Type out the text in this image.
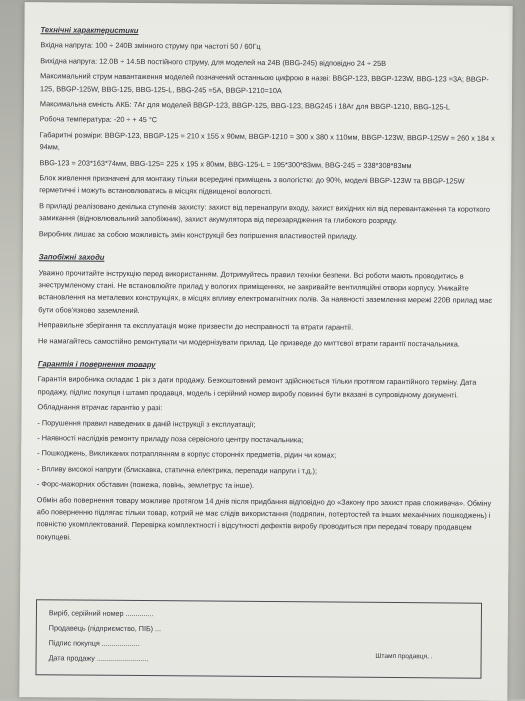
Технічні характеристики
Вхідна напруга: 100 ÷ 240В змінного струму при частоті 50 / 60Гц
Вихідна напруга: 12.0В ÷ 14.5В постійного струму, для моделей на 24В (BBG-245) відповідно 24 ÷ 25В
Максимальний струм навантаження моделей позначений останньою цифрою в назві: BBGP-123, BBGP-123W, BBG-123 =3А; BBGP-125, BBGP-125W, BBG-125, BBG-125-L, BBG-245 =5А, BBGP-1210=10А
Максимальна ємність АКБ: 7Аг для моделей BBGP-123, BBGP-125, BBG-123, BBG245 і 18Аг для BBGP-1210, BBG-125-L
Робоча температура: -20 ÷ + 45 °С
Габаритні розміри: BBGP-123, BBGP-125 = 210 x 155 x 90мм, BBGP-1210 = 300 x 380 x 110мм, BBGP-123W, BBGP-125W = 260 x 184 x 94мм,
BBG-123 = 203*163*74мм, BBG-125= 225 x 195 x 80мм, BBG-125-L = 195*300*83мм, BBG-245 = 338*308*83мм
Блок живлення призначені для монтажу тільки всередині приміщень з вологістю: до 90%, моделі BBGP-123W та BBGP-125W герметичні і можуть встановлюватись в місцях підвищеної вологості.
В приладі реалізовано декілька ступенів захисту: захист від перенапруги входу, захист вихідних кіл від перевантаження та короткого замикання (відновлювальний запобіжник), захист акумулятора від перезарядження та глибокого розряду.
Виробник лишає за собою можливість змін конструкції без погіршення властивостей приладу.
Запобіжні заходи
Уважно прочитайте інструкцію перед використанням. Дотримуйтесь правил техніки безпеки. Всі роботи мають проводитись в знеструмленому стані. Не встановлюйте прилад у вологих приміщеннях, не закривайте вентиляційні отвори корпусу. Уникайте встановлення на металевих конструкціях, в місцях впливу електромагнітних полів. За наявності заземлення мережі 220В прилад має бути обов'язково заземлений.
Неправильне зберігання та експлуатація може призвести до несправності та втрати гарантії.
Не намагайтесь самостійно ремонтувати чи модернізувати прилад. Це призведе до миттєвої втрати гарантії постачальника.
Гарантія і повернення товару
Гарантія виробника складає 1 рік з дати продажу. Безкоштовний ремонт здійснюється тільки протягом гарантійного терміну. Дата продажу, підпис покупця і штамп продавця, модель і серійний номер виробу повинні бути вказані в супровідному документі.
Обладнання втрачає гарантію у разі:
- Порушення правил наведених в даній інструкції з експлуатації;
- Наявності наслідків ремонту приладу поза сервісного центру постачальника;
- Пошкоджень, Викликаних потраплянням в корпус сторонніх предметів, рідин чи комах;
- Впливу високої напруги (блискавка, статична електрика, перепади напруги і т.д.);
- Форс-мажорних обставин (пожежа, повінь, землетрус та інше).
Обмін або повернення товару можливе протягом 14 днів після придбання відповідно до «Закону про захист прав споживача». Обміну або поверненню підлягає тільки товар, котрий не має слідів використання (подряпин, потертостей та інших механічних пошкоджень) і повністю укомплектований. Перевірка комплектності і відсутності дефектів виробу проводиться при передачі товару продавцем покупцеві.
Виріб, серійний номер ..............
Продавець (підприємство, ПІБ) ...
Підпис покупця ...................
Дата продажу ..........................	Штамп продавця, .
